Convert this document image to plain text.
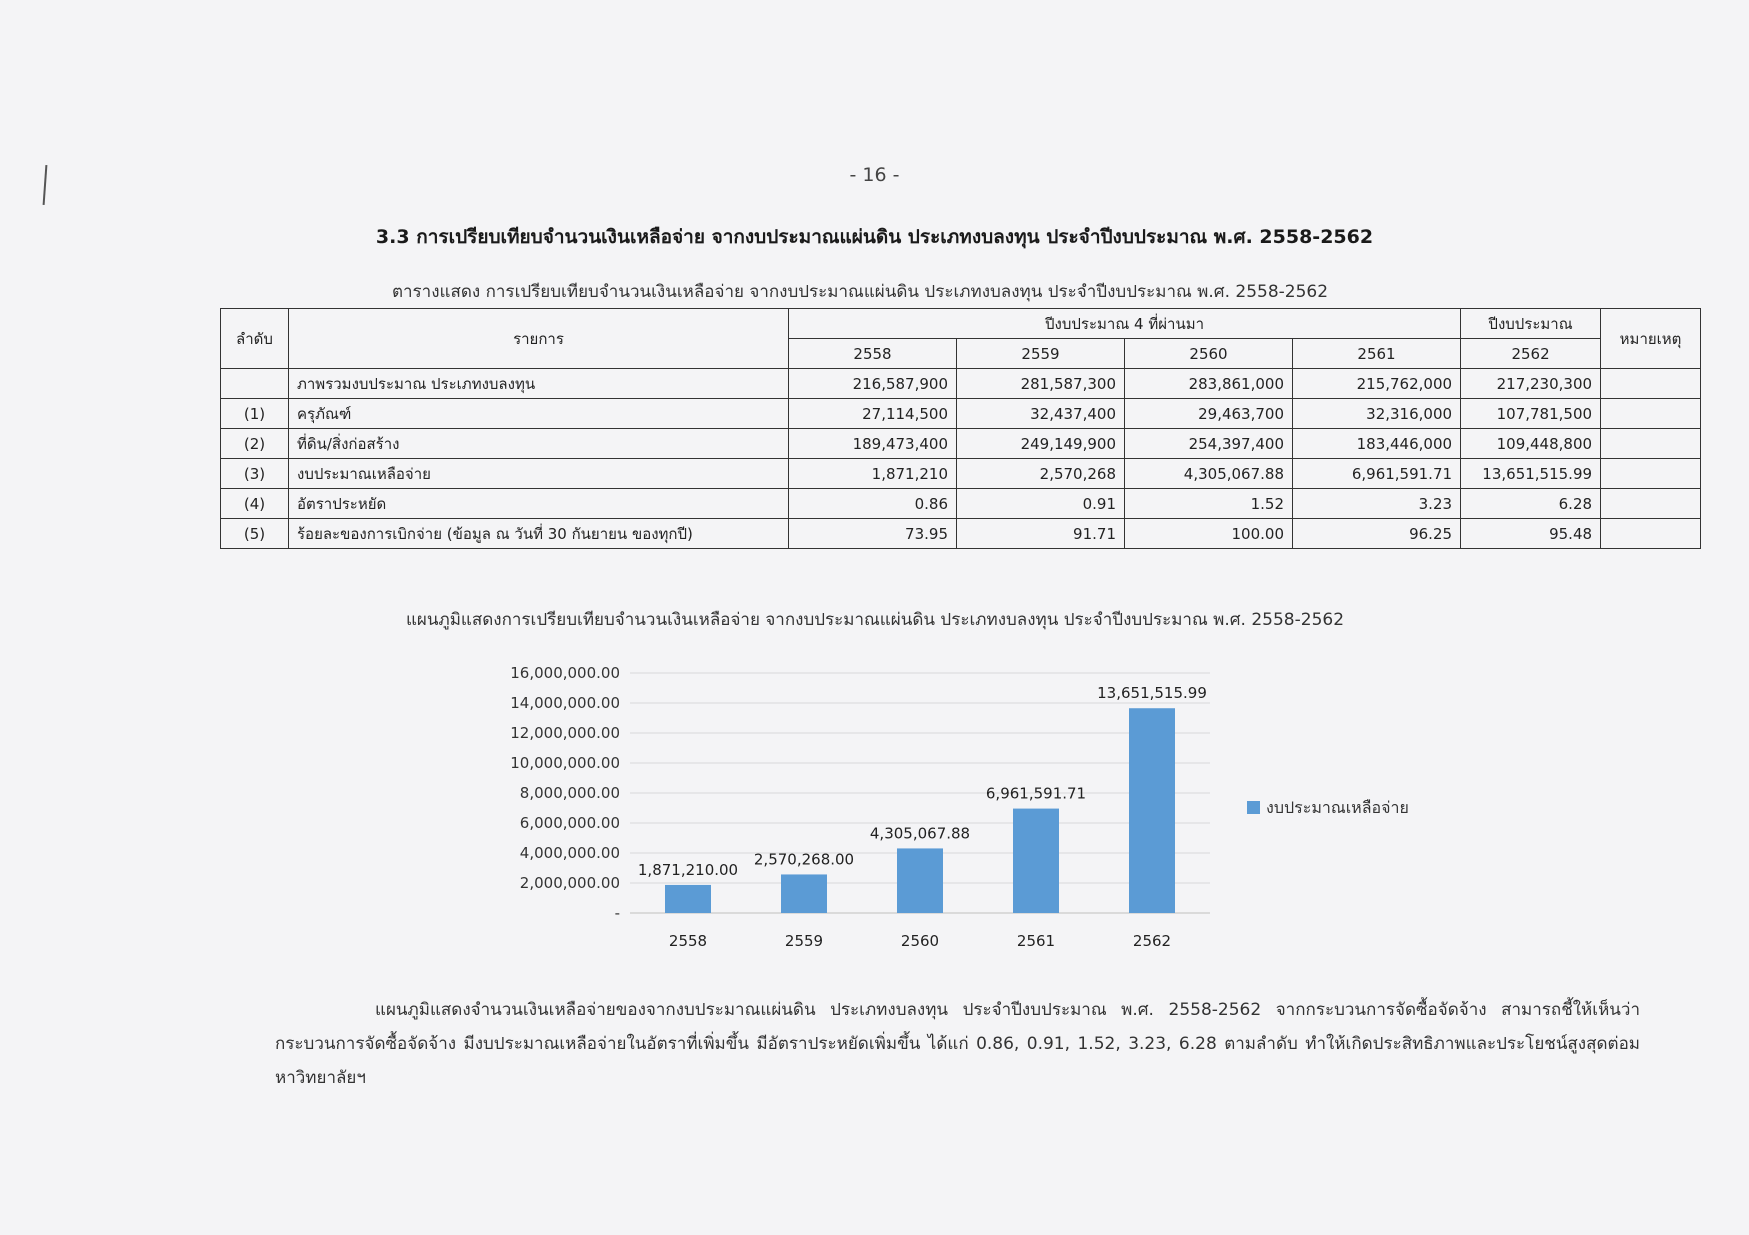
- 16 -
3.3 การเปรียบเทียบจำนวนเงินเหลือจ่าย จากงบประมาณแผ่นดิน ประเภทงบลงทุน ประจำปีงบประมาณ พ.ศ. 2558-2562
ตารางแสดง การเปรียบเทียบจำนวนเงินเหลือจ่าย จากงบประมาณแผ่นดิน ประเภทงบลงทุน ประจำปีงบประมาณ พ.ศ. 2558-2562
ลำดับ	รายการ	ปีงบประมาณ 4 ที่ผ่านมา				ปีงบประมาณ	หมายเหตุ
		2558	2559	2560	2561	2562	
	ภาพรวมงบประมาณ ประเภทงบลงทุน	216,587,900	281,587,300	283,861,000	215,762,000	217,230,300	
(1)	ครุภัณฑ์	27,114,500	32,437,400	29,463,700	32,316,000	107,781,500	
(2)	ที่ดิน/สิ่งก่อสร้าง	189,473,400	249,149,900	254,397,400	183,446,000	109,448,800	
(3)	งบประมาณเหลือจ่าย	1,871,210	2,570,268	4,305,067.88	6,961,591.71	13,651,515.99	
(4)	อัตราประหยัด	0.86	0.91	1.52	3.23	6.28	
(5)	ร้อยละของการเบิกจ่าย (ข้อมูล ณ วันที่ 30 กันยายน ของทุกปี)	73.95	91.71	100.00	96.25	95.48	
แผนภูมิแสดงการเปรียบเทียบจำนวนเงินเหลือจ่าย จากงบประมาณแผ่นดิน ประเภทงบลงทุน ประจำปีงบประมาณ พ.ศ. 2558-2562
-
2,000,000.00
4,000,000.00
6,000,000.00
8,000,000.00
10,000,000.00
12,000,000.00
14,000,000.00
16,000,000.00
1,871,210.00
2558
2,570,268.00
2559
4,305,067.88
2560
6,961,591.71
2561
13,651,515.99
2562
งบประมาณเหลือจ่าย

แผนภูมิแสดงจำนวนเงินเหลือจ่ายของจากงบประมาณแผ่นดิน ประเภทงบลงทุน ประจำปีงบประมาณ พ.ศ. 2558-2562 จากกระบวนการจัดซื้อจัดจ้าง สามารถชี้ให้เห็นว่ากระบวนการจัดซื้อจัดจ้าง มีงบประมาณเหลือจ่ายในอัตราที่เพิ่มขึ้น มีอัตราประหยัดเพิ่มขึ้น ได้แก่ 0.86, 0.91, 1.52, 3.23, 6.28 ตามลำดับ ทำให้เกิดประสิทธิภาพและประโยชน์สูงสุดต่อมหาวิทยาลัยฯ
